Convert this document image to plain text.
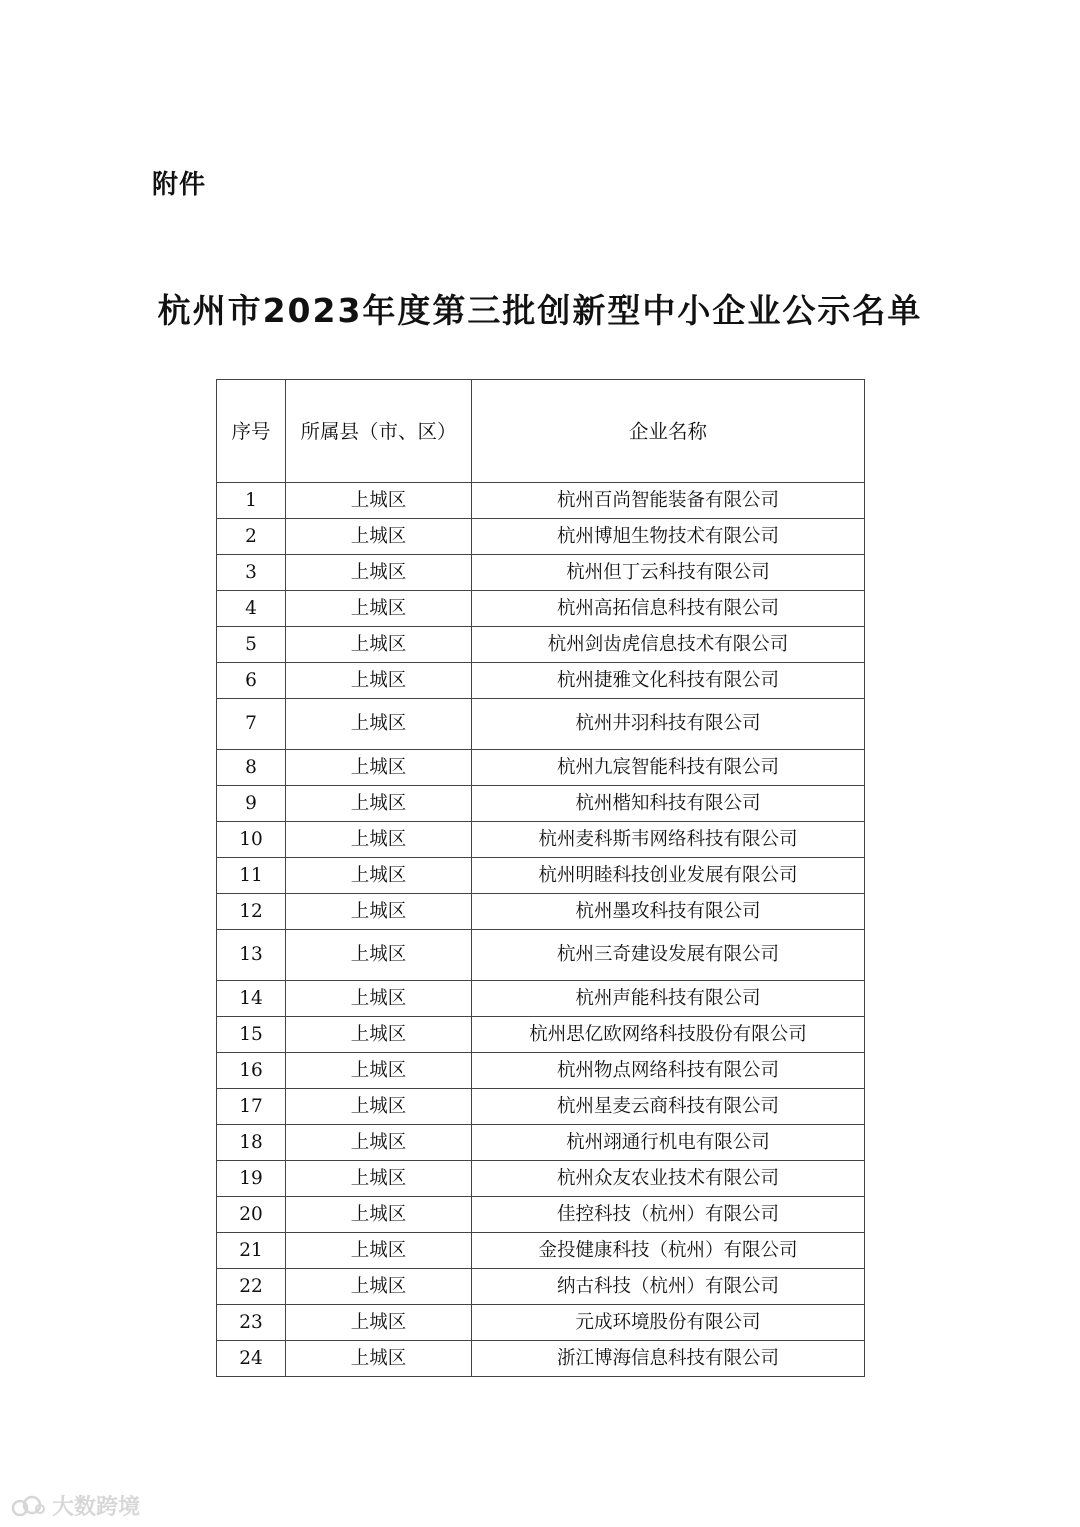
附件
杭州市2023年度第三批创新型中小企业公示名单
序号	所属县（市、区）	企业名称
1	上城区	杭州百尚智能装备有限公司
2	上城区	杭州博旭生物技术有限公司
3	上城区	杭州但丁云科技有限公司
4	上城区	杭州高拓信息科技有限公司
5	上城区	杭州剑齿虎信息技术有限公司
6	上城区	杭州捷雅文化科技有限公司
7	上城区	杭州井羽科技有限公司
8	上城区	杭州九宸智能科技有限公司
9	上城区	杭州楷知科技有限公司
10	上城区	杭州麦科斯韦网络科技有限公司
11	上城区	杭州明睦科技创业发展有限公司
12	上城区	杭州墨攻科技有限公司
13	上城区	杭州三奇建设发展有限公司
14	上城区	杭州声能科技有限公司
15	上城区	杭州思亿欧网络科技股份有限公司
16	上城区	杭州物点网络科技有限公司
17	上城区	杭州星麦云商科技有限公司
18	上城区	杭州翊通行机电有限公司
19	上城区	杭州众友农业技术有限公司
20	上城区	佳控科技（杭州）有限公司
21	上城区	金投健康科技（杭州）有限公司
22	上城区	纳古科技（杭州）有限公司
23	上城区	元成环境股份有限公司
24	上城区	浙江博海信息科技有限公司
大数跨境
